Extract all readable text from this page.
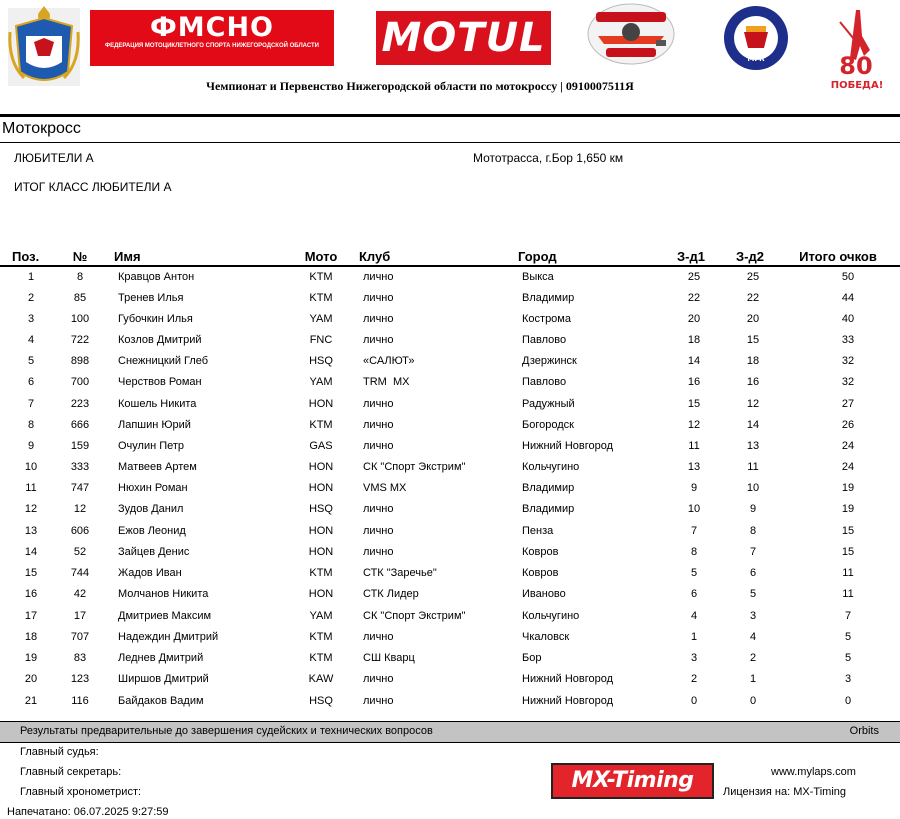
ФМСНО
ФЕДЕРАЦИЯ МОТОЦИКЛЕТНОГО СПОРТА НИЖЕГОРОДСКОЙ ОБЛАСТИ	MOTUL	MFR	80
ПОБЕДА!
Чемпионат и Первенство Нижегородской области по мотокроссу | 0910007511Я
Мотокросс
ЛЮБИТЕЛИ А	Мототрасса, г.Бор 1,650 км
ИТОГ КЛАСС ЛЮБИТЕЛИ А
Поз.	№	Имя	Мото	Клуб	Город	З-д1	З-д2	Итого очков
1	8	Кравцов Антон	KTM	лично	Выкса	25	25	50
2	85	Тренев Илья	KTM	лично	Владимир	22	22	44
3	100	Губочкин Илья	YAM	лично	Кострома	20	20	40
4	722	Козлов Дмитрий	FNC	лично	Павлово	18	15	33
5	898	Снежницкий Глеб	HSQ	«САЛЮТ»	Дзержинск	14	18	32
6	700	Черствов Роман	YAM	TRM  MX	Павлово	16	16	32
7	223	Кошель Никита	HON	лично	Радужный	15	12	27
8	666	Лапшин Юрий	KTM	лично	Богородск	12	14	26
9	159	Очулин Петр	GAS	лично	Нижний Новгород	11	13	24
10	333	Матвеев Артем	HON	СК "Спорт Экстрим"	Кольчугино	13	11	24
11	747	Нюхин Роман	HON	VMS MX	Владимир	9	10	19
12	12	Зудов Данил	HSQ	лично	Владимир	10	9	19
13	606	Ежов Леонид	HON	лично	Пенза	7	8	15
14	52	Зайцев Денис	HON	лично	Ковров	8	7	15
15	744	Жадов Иван	KTM	СТК "Заречье"	Ковров	5	6	11
16	42	Молчанов Никита	HON	СТК Лидер	Иваново	6	5	11
17	17	Дмитриев Максим	YAM	СК "Спорт Экстрим"	Кольчугино	4	3	7
18	707	Надеждин Дмитрий	KTM	лично	Чкаловск	1	4	5
19	83	Леднев Дмитрий	KTM	СШ Кварц	Бор	3	2	5
20	123	Ширшов Дмитрий	KAW	лично	Нижний Новгород	2	1	3
21	116	Байдаков Вадим	HSQ	лично	Нижний Новгород	0	0	0
Результаты предварительные до завершения судейских и технических вопросов	Orbits
Главный судья:
Главный секретарь:
Главный хронометрист:
Напечатано: 06.07.2025 9:27:59
MX-Timing	www.mylaps.com
Лицензия на: MX-Timing
